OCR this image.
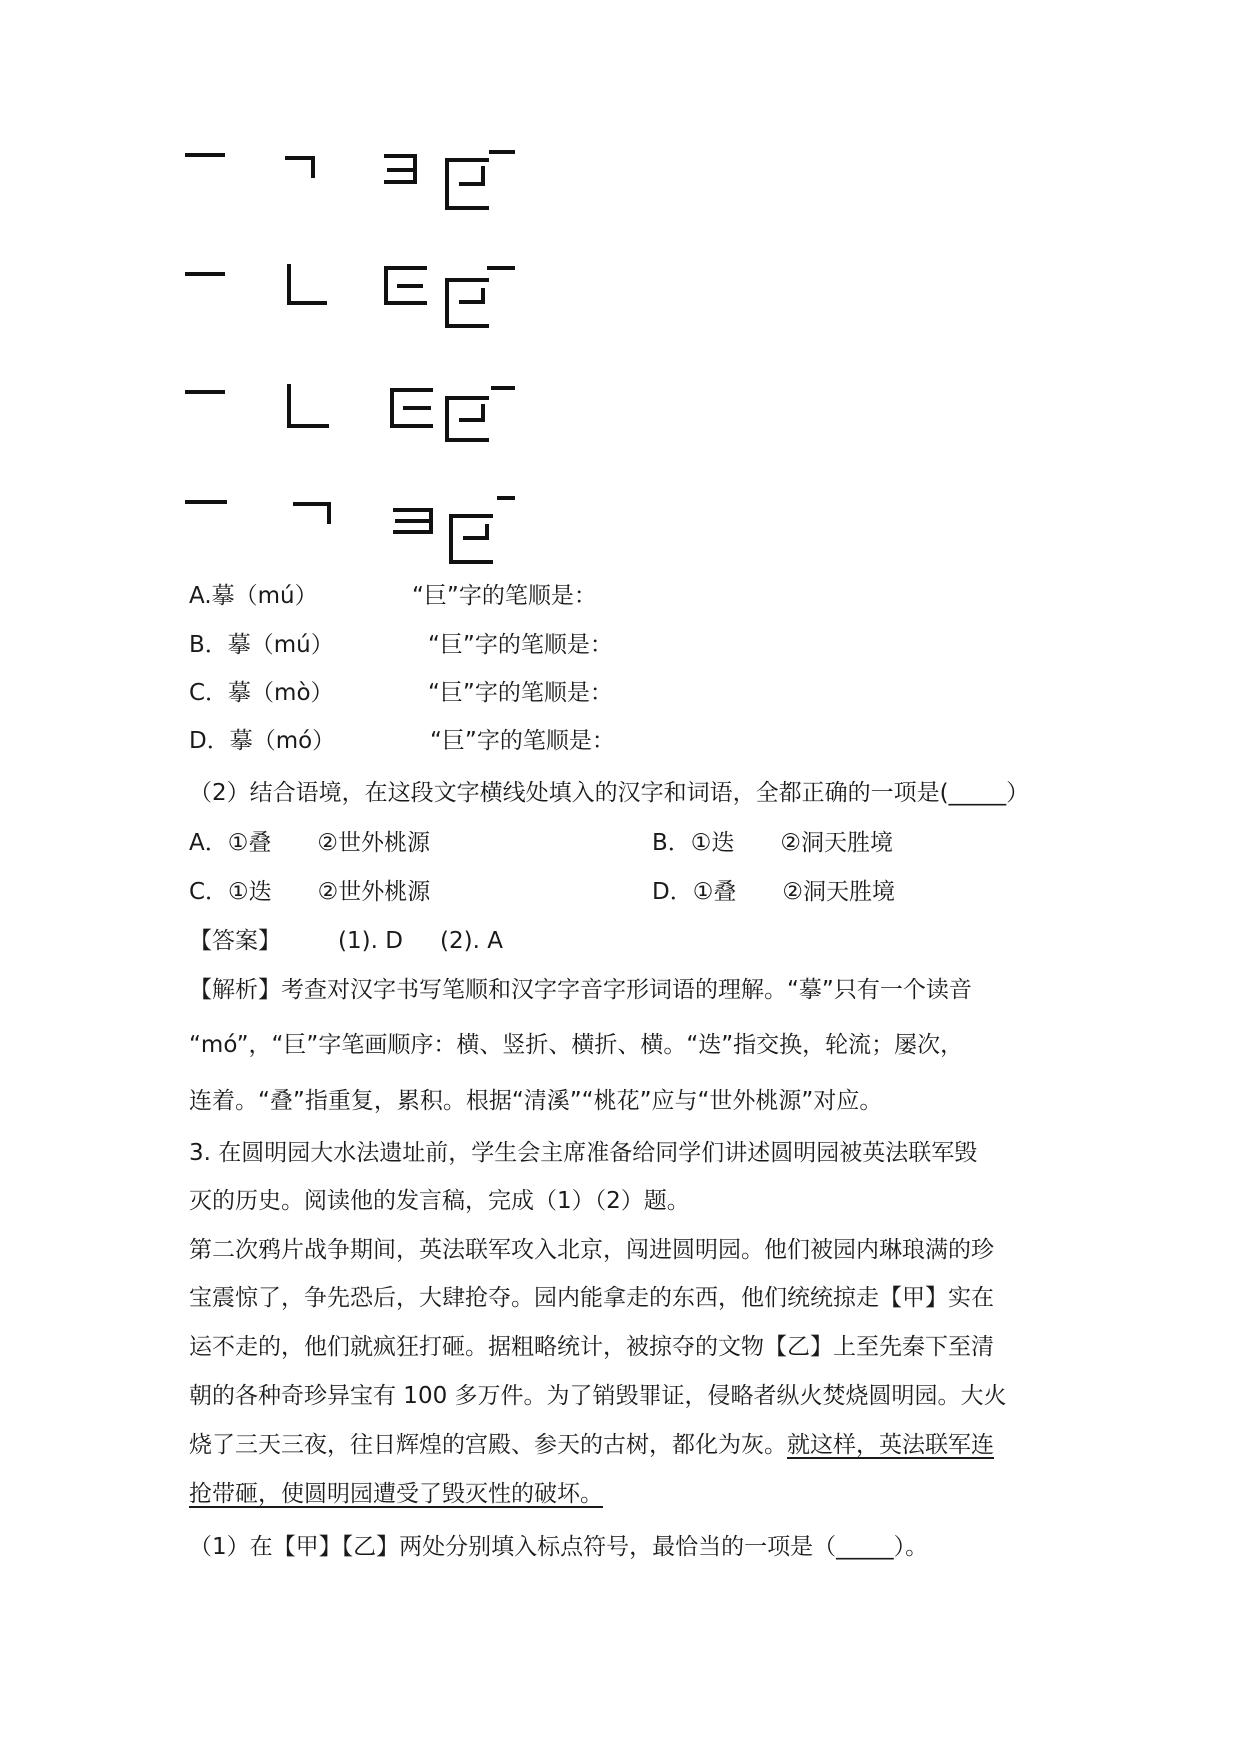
A.摹（mú）	“巨”字的笔顺是：
B．摹（mú）	“巨”字的笔顺是：
C．摹（mò）	“巨”字的笔顺是：
D．摹（mó）	“巨”字的笔顺是：
（2）结合语境，在这段文字横线处填入的汉字和词语，全都正确的一项是(_____）
A．①叠　　②世外桃源	B．①迭　　②洞天胜境
C．①迭　　②世外桃源	D．①叠　　②洞天胜境
【答案】 (1). D (2). A
【解析】考查对汉字书写笔顺和汉字字音字形词语的理解。“摹”只有一个读音
“mó”，“巨”字笔画顺序：横、竖折、横折、横。“迭”指交换，轮流；屡次，
连着。“叠”指重复，累积。根据“清溪”“桃花”应与“世外桃源”对应。
3. 在圆明园大水法遗址前，学生会主席准备给同学们讲述圆明园被英法联军毁
灭的历史。阅读他的发言稿，完成（1）（2）题。
第二次鸦片战争期间，英法联军攻入北京，闯进圆明园。他们被园内琳琅满的珍
宝震惊了，争先恐后，大肆抢夺。园内能拿走的东西，他们统统掠走【甲】实在
运不走的，他们就疯狂打砸。据粗略统计，被掠夺的文物【乙】上至先秦下至清
朝的各种奇珍异宝有 100 多万件。为了销毁罪证，侵略者纵火焚烧圆明园。大火
烧了三天三夜，往日辉煌的宫殿、参天的古树，都化为灰。就这样，英法联军连
抢带砸，使圆明园遭受了毁灭性的破坏。
（1）在【甲】【乙】两处分别填入标点符号，最恰当的一项是（_____）。
